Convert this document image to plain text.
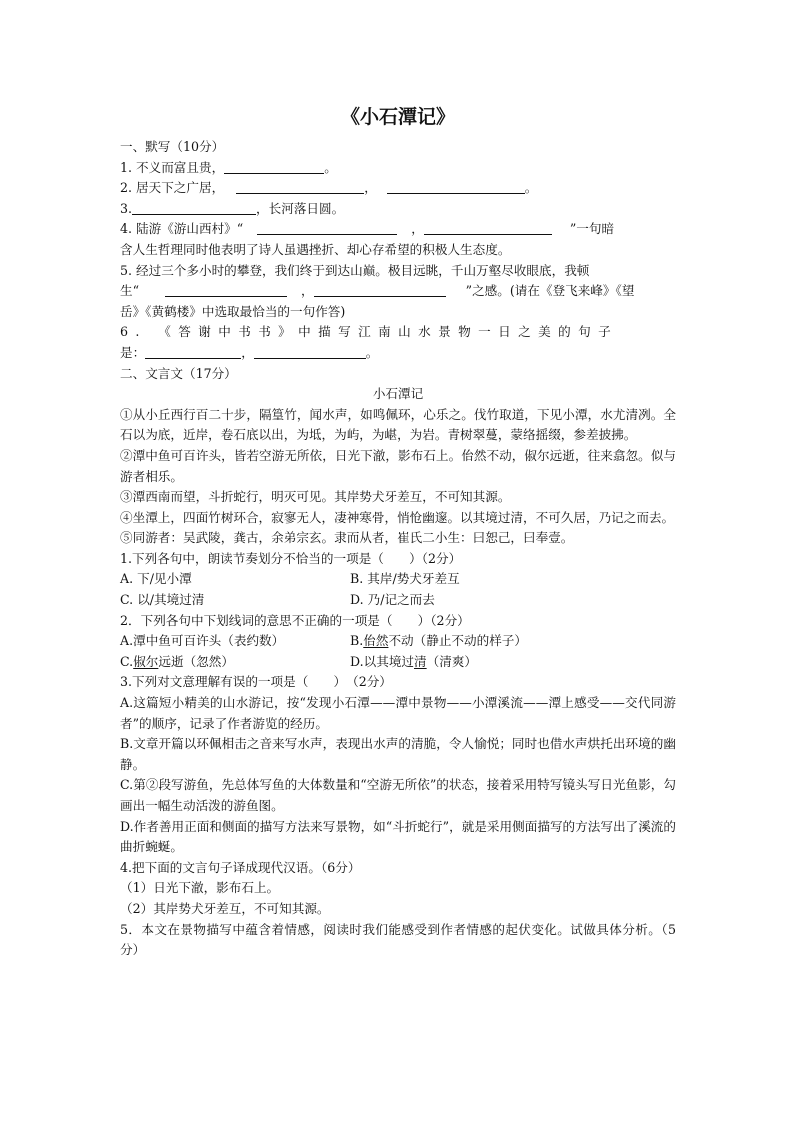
《小石潭记》
一、默写（10分）
1. 不义而富且贵，	。
2. 居天下之广居，	，	。
3.	，长河落日圆。
4. 陆游《游山西村》“	，	”一句暗
含人生哲理同时他表明了诗人虽遇挫折、却心存希望的积极人生态度。
5. 经过三个多小时的攀登，我们终于到达山巅。极目远眺，千山万壑尽收眼底，我顿
生“	，	”之感。(请在《登飞来峰》《望
岳》《黄鹤楼》中选取最恰当的一句作答)
6. 《答谢中书书》中描写江南山水景物一日之美的句子
是：	，	。
二、文言文（17分）
小石潭记
①从小丘西行百二十步，隔篁竹，闻水声，如鸣佩环，心乐之。伐竹取道，下见小潭，水尤清冽。全石以为底，近岸，卷石底以出，为坻，为屿，为嵁，为岩。青树翠蔓，蒙络摇缀，参差披拂。
②潭中鱼可百许头，皆若空游无所依，日光下澈，影布石上。佁然不动，俶尔远逝，往来翕忽。似与游者相乐。
③潭西南而望，斗折蛇行，明灭可见。其岸势犬牙差互，不可知其源。
④坐潭上，四面竹树环合，寂寥无人，凄神寒骨，悄怆幽邃。以其境过清，不可久居，乃记之而去。
⑤同游者：吴武陵，龚古，余弟宗玄。隶而从者，崔氏二小生：曰恕己，曰奉壹。
1.下列各句中，朗读节奏划分不恰当的一项是（　　）（2分）
A. 下/见小潭	B. 其岸/势犬牙差互
C. 以/其境过清	D. 乃/记之而去
2．下列各句中下划线词的意思不正确的一项是（　　）（2分）
A.潭中鱼可百许头（表约数）	B.佁然不动（静止不动的样子）
C.俶尔远逝（忽然）	D.以其境过清（清爽）
3.下列对文意理解有误的一项是（　　）　（2分）
A.这篇短小精美的山水游记，按“发现小石潭——潭中景物——小潭溪流——潭上感受——交代同游者”的顺序，记录了作者游览的经历。
B.文章开篇以环佩相击之音来写水声，表现出水声的清脆，令人愉悦；同时也借水声烘托出环境的幽静。
C.第②段写游鱼，先总体写鱼的大体数量和“空游无所依”的状态，接着采用特写镜头写日光鱼影，勾画出一幅生动活泼的游鱼图。
D.作者善用正面和侧面的描写方法来写景物，如“斗折蛇行”，就是采用侧面描写的方法写出了溪流的曲折蜿蜒。
4.把下面的文言句子译成现代汉语。（6分）
（1）日光下澈，影布石上。
（2）其岸势犬牙差互，不可知其源。
5．本文在景物描写中蕴含着情感，阅读时我们能感受到作者情感的起伏变化。试做具体分析。（5分）
